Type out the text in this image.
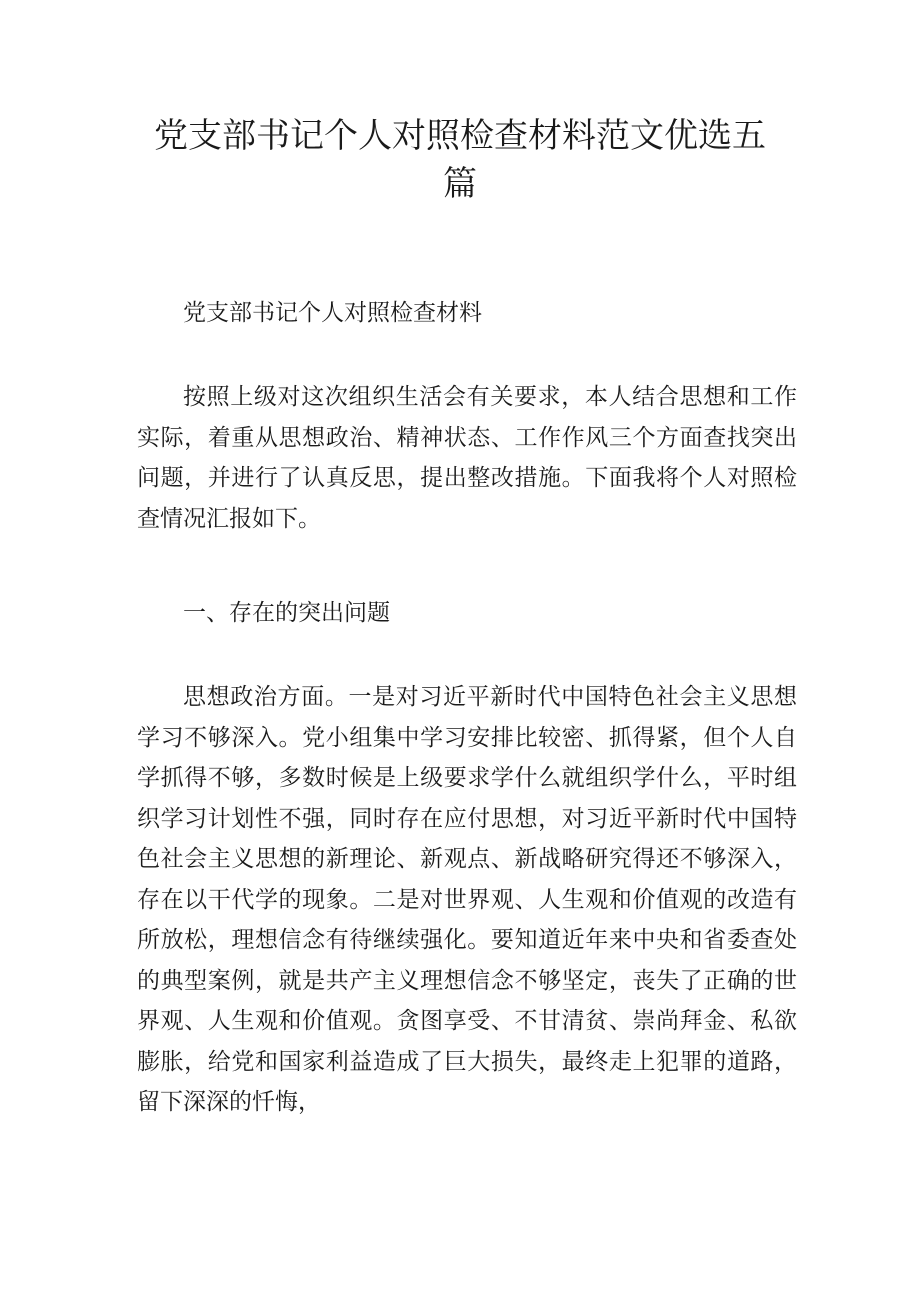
党支部书记个人对照检查材料范文优选五
篇

党支部书记个人对照检查材料

按照上级对这次组织生活会有关要求，本人结合思想和工作实际，着重从思想政治、精神状态、工作作风三个方面查找突出问题，并进行了认真反思，提出整改措施。下面我将个人对照检查情况汇报如下。

一、存在的突出问题

思想政治方面。一是对习近平新时代中国特色社会主义思想学习不够深入。党小组集中学习安排比较密、抓得紧，但个人自学抓得不够，多数时候是上级要求学什么就组织学什么，平时组织学习计划性不强，同时存在应付思想，对习近平新时代中国特色社会主义思想的新理论、新观点、新战略研究得还不够深入，存在以干代学的现象。二是对世界观、人生观和价值观的改造有所放松，理想信念有待继续强化。要知道近年来中央和省委查处的典型案例，就是共产主义理想信念不够坚定，丧失了正确的世界观、人生观和价值观。贪图享受、不甘清贫、崇尚拜金、私欲膨胀，给党和国家利益造成了巨大损失，最终走上犯罪的道路，留下深深的忏悔，
